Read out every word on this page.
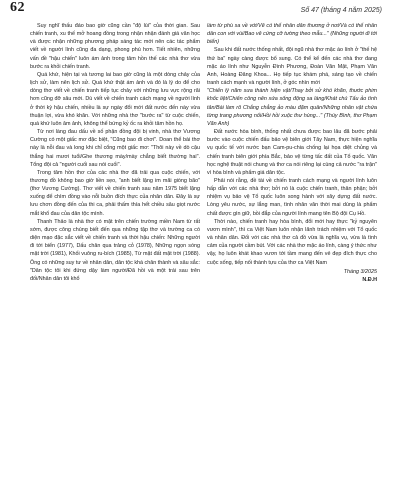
62	Số 47 (tháng 4 năm 2025)

Suy nghĩ thấu đáo bao giờ cũng cần "độ lùi" của thời gian. Sau chiến tranh, xu thế mở hoang đồng trong nhận nhận đánh giá văn học và được nhận những phương pháp sáng tác mới nên các tác phẩm viết về người lính cũng đa dạng, phong phú hơn. Tiết nhiên, những vấn đề "hậu chiến" luôn ám ảnh trong tâm hồn thế các nhà thơ vừa bước ra khỏi chiến tranh.

Quá khứ, hiện tại và tương lai bao giờ cũng là một dòng chảy của lịch sử, làm nên lịch sử. Quá khứ thật ám ảnh và đó là lý do để cho dòng thơ viết về chiến tranh tiếp tục chảy với những lưu vực rộng rãi hơn cũng đỡ sâu mới. Dù viết về chiến tranh cách mạng về người lính ở thời kỳ hậu chiến, nhiều là sự ngày đổi mới đất nước đến này vừa thuận lợi, vừa khó khăn. Với những nhà thơ "bước ra" từ cuộc chiến, quá khứ luôn âm ảnh, không thể bứng kỷ ốc ra khỏi tâm hồn họ.

Từ nơi làng đau dấu về số phận đồng đội bị vinh, nhà thơ Vương Cường có một giấc mơ đặc biệt, "Cũng bao đi chơi". Doan thể bài thơ này là nỗi đau và long khi chỉ cổng một giấc mơ: "Thôi này về dò cậu thắng hai mươi tuổi/Ghe thương mày/mày chẳng biết thường hai". Tổng đội cả "người cuối sau nói cuối".

Trong tâm hồn thơ của các nhà thơ đã trải qua cuộc chiến, với thương đồ không bao giờ liền sẹo, "anh biết lặng im mãi giòng bão" (thơ Vương Cường). Thơ viết về chiến tranh sau năm 1975 biết lặng xuống để chìm đồng vào nỗi buồn đích thực của nhân dân. Đây là sự lưu chơn đồng đến của thi ca, phải thấm thía hết chiều sâu giọt nước mắt khổ đau của dân tộc mình.

Thanh Thảo là nhà thơ có mặt trên chiến trường miền Nam từ rất sớm, được công chúng biết đến qua những tập thơ và trường ca có diện mạo đặc sắc viết về chiến tranh và thời hậu chiến: Những người đi tới biển (1977), Dấu chân qua trảng cỏ (1978), Những ngọn sóng mặt trời (1981), Khối vuông ru-bích (1985), Từ mặt đất mặt trời (1988). Ông có những suy tư về nhân dân, dân tộc khá chân thành và sâu sắc: "Dân tộc tôi khi đứng dậy làm người/Đã hồi và một trái sau trên đối/Nhân dân tôi khổ

làm từ phù sa về với/Vẽ có thể nhân dân thương ở nơi/Và có thể nhân dân con với vùi/Bao vê cứng cỡ tường theo mẫu..." (Những người đi tới biển)

Sau khi đất nước thống nhất, đội ngũ nhà thơ mặc áo lính ở "thế hệ thứ ba" ngày càng được bổ sung. Có thể kể đến các nhà thơ đang mặc áo lính như Nguyễn Đình Phương, Đoàn Văn Mật, Phạm Văn Anh, Hoàng Đăng Khoa... Họ tiếp tục khám phá, sáng tạo về chiến tranh cách mạnh và người lính, ở góc nhìn mới

"Chiến lý năm sưa thành hiện vật/Thay bởi sử khó khăn, thước phim khốc liệt/Chiến công nên xứa sống động sa làng/Khát chú Tấu ảo tình tân/Bài làm rõ Chắng chẳng ảo màu đặm quân/Những nhân vật chứa từng trang phương nối/Hồi hồi xuộc thư hùng..." (Thúy Bình, thơ Phạm Văn Anh)

Đất nước hòa bình, thống nhất chưa được bao lâu đã bước phải bước vào cuộc chiến đấu bảo vệ biên giới Tây Nam, thực hiện nghĩa vụ quốc tế với nước bạn Cam-pu-chia chống lại họa diệt chủng và chiến tranh biên giới phía Bắc, bảo vệ từng tấc đất của Tổ quốc. Văn học nghệ thuật nói chung và thơ ca nói riêng lại cùng cả nước "ra trận" vì hòa bình và phẩm giá dân tộc.

Phải nói rằng, đề tài về chiến tranh cách mạng và người lính luôn hấp dẫn với các nhà thơ; bởi nó là cuộc chiến tranh, thân phận; bởi nhiệm vụ bảo vệ Tổ quốc luôn song hành với xây dựng đất nước. Lòng yêu nước, sự lắng man, tình nhân văn thời mai dùng là phẩm chất được gìn giữ, bồi đắp của người lính mang tên Bộ đội Cụ Hồ.

Thời nào, chiến tranh hay hòa bình, đổi mới hay thực "kỷ nguyên vươn mình", thì ca Việt Nam luôn nhận lãnh trách nhiệm với Tổ quốc và nhân dân. Đối với các nhà thơ cả đồ vừa là nghĩa vụ, vừa là tình cảm của người cầm bút. Với các nhà thơ mặc áo lính, càng ý thức như vậy, họ luôn khát khao vươn tới tầm mang đến vẻ đẹp đích thực cho cuộc sống, tiếp nối thành tựu của thơ ca Việt Nam

Tháng 3/2025
N.Đ.H
